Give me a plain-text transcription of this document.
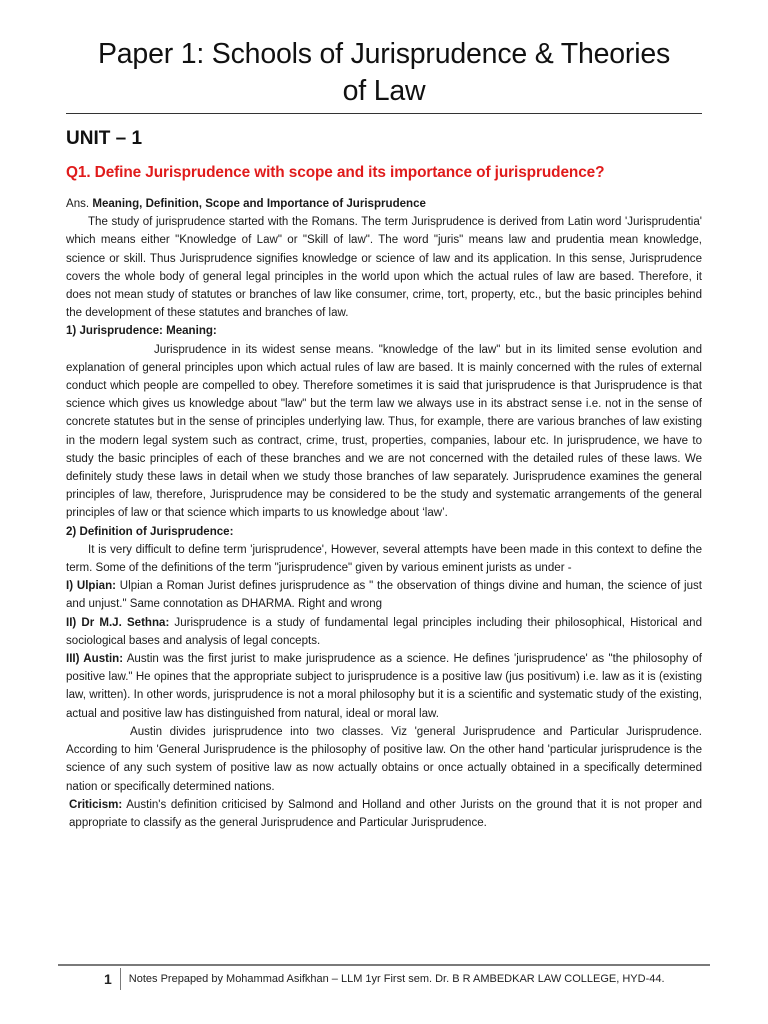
Paper 1: Schools of Jurisprudence & Theories
of Law
UNIT – 1
Q1. Define Jurisprudence with scope and its importance of jurisprudence?

Ans. Meaning, Definition, Scope and Importance of Jurisprudence

The study of jurisprudence started with the Romans. The term Jurisprudence is derived from Latin word 'Jurisprudentia' which means either "Knowledge of Law" or "Skill of law". The word "juris" means law and prudentia mean knowledge, science or skill. Thus Jurisprudence signifies knowledge or science of law and its application. In this sense, Jurisprudence covers the whole body of general legal principles in the world upon which the actual rules of law are based. Therefore, it does not mean study of statutes or branches of law like consumer, crime, tort, property, etc., but the basic principles behind the development of these statutes and branches of law.

1) Jurisprudence: Meaning:

Jurisprudence in its widest sense means. "knowledge of the law" but in its limited sense evolution and explanation of general principles upon which actual rules of law are based. It is mainly concerned with the rules of external conduct which people are compelled to obey. Therefore sometimes it is said that jurisprudence is that Jurisprudence is that science which gives us knowledge about "law" but the term law we always use in its abstract sense i.e. not in the sense of concrete statutes but in the sense of principles underlying law. Thus, for example, there are various branches of law existing in the modern legal system such as contract, crime, trust, properties, companies, labour etc. In jurisprudence, we have to study the basic principles of each of these branches and we are not concerned with the detailed rules of these laws. We definitely study these laws in detail when we study those branches of law separately. Jurisprudence examines the general principles of law, therefore, Jurisprudence may be considered to be the study and systematic arrangements of the general principles of law or that science which imparts to us knowledge about ‘law’.

2) Definition of Jurisprudence:

It is very difficult to define term 'jurisprudence', However, several attempts have been made in this context to define the term. Some of the definitions of the term "jurisprudence" given by various eminent jurists as under -

I) Ulpian: Ulpian a Roman Jurist defines jurisprudence as " the observation of things divine and human, the science of just and unjust." Same connotation as DHARMA. Right and wrong

II) Dr M.J. Sethna: Jurisprudence is a study of fundamental legal principles including their philosophical, Historical and sociological bases and analysis of legal concepts.

III) Austin: Austin was the first jurist to make jurisprudence as a science. He defines 'jurisprudence' as "the philosophy of positive law." He opines that the appropriate subject to jurisprudence is a positive law (jus positivum) i.e. law as it is (existing law, written). In other words, jurisprudence is not a moral philosophy but it is a scientific and systematic study of the existing, actual and positive law has distinguished from natural, ideal or moral law.

Austin divides jurisprudence into two classes. Viz 'general Jurisprudence and Particular Jurisprudence. According to him 'General Jurisprudence is the philosophy of positive law. On the other hand 'particular jurisprudence is the science of any such system of positive law as now actually obtains or once actually obtained in a specifically determined nation or specifically determined nations.

Criticism: Austin's definition criticised by Salmond and Holland and other Jurists on the ground that it is not proper and appropriate to classify as the general Jurisprudence and Particular Jurisprudence.

1	Notes Prepaped by Mohammad Asifkhan – LLM 1yr First sem. Dr. B R AMBEDKAR LAW COLLEGE, HYD-44.
